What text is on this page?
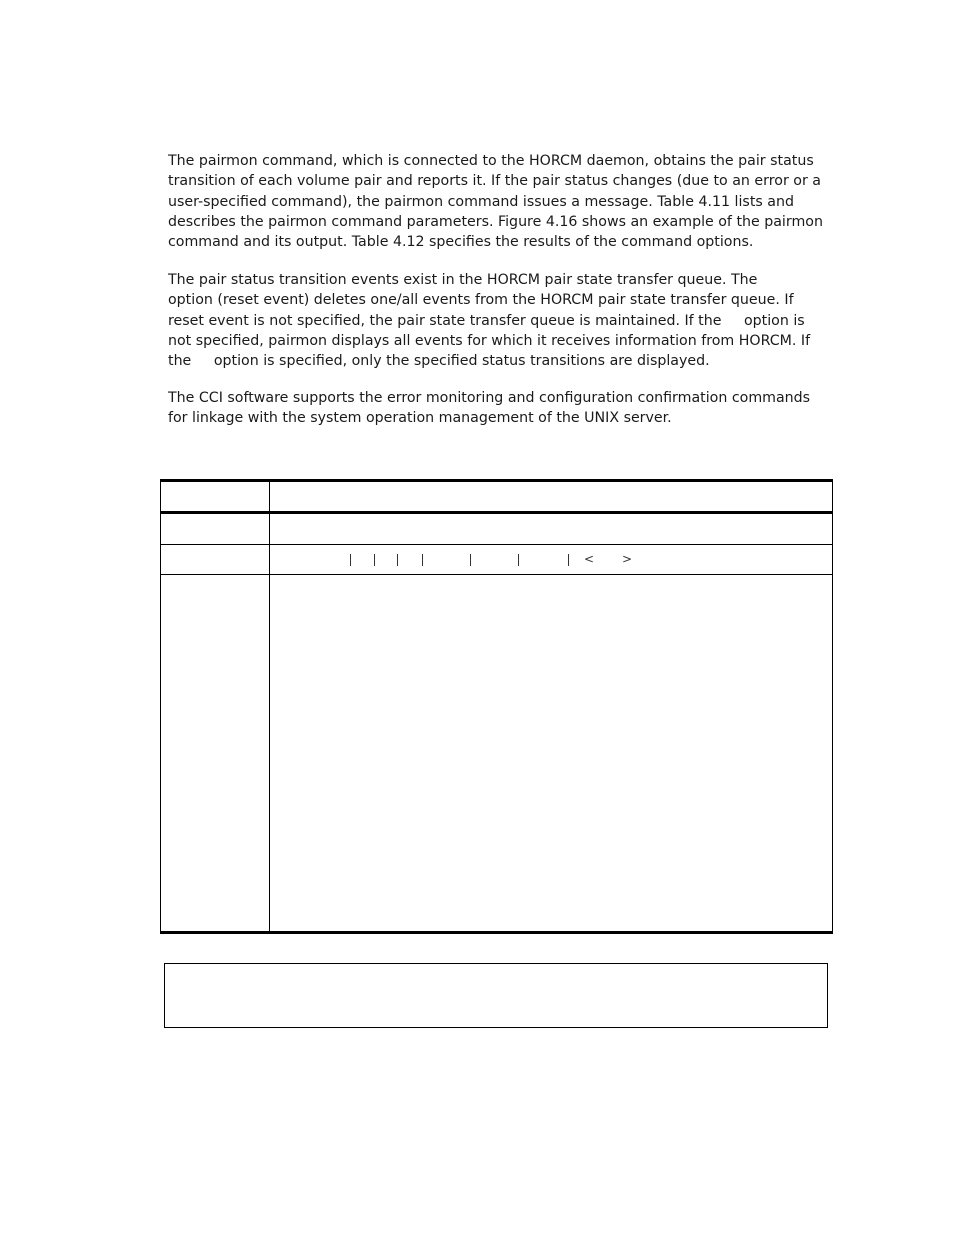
The pairmon command, which is connected to the HORCM daemon, obtains the pair status
transition of each volume pair and reports it. If the pair status changes (due to an error or a
user-specified command), the pairmon command issues a message. Table 4.11 lists and
describes the pairmon command parameters. Figure 4.16 shows an example of the pairmon
command and its output. Table 4.12 specifies the results of the command options.
The pair status transition events exist in the HORCM pair state transfer queue. The
option (reset event) deletes one/all events from the HORCM pair state transfer queue. If
reset event is not specified, the pair state transfer queue is maintained. If the     option is
not specified, pairmon displays all events for which it receives information from HORCM. If
the     option is specified, only the specified status transitions are displayed.
The CCI software supports the error monitoring and configuration confirmation commands
for linkage with the system operation management of the UNIX server.
< >
